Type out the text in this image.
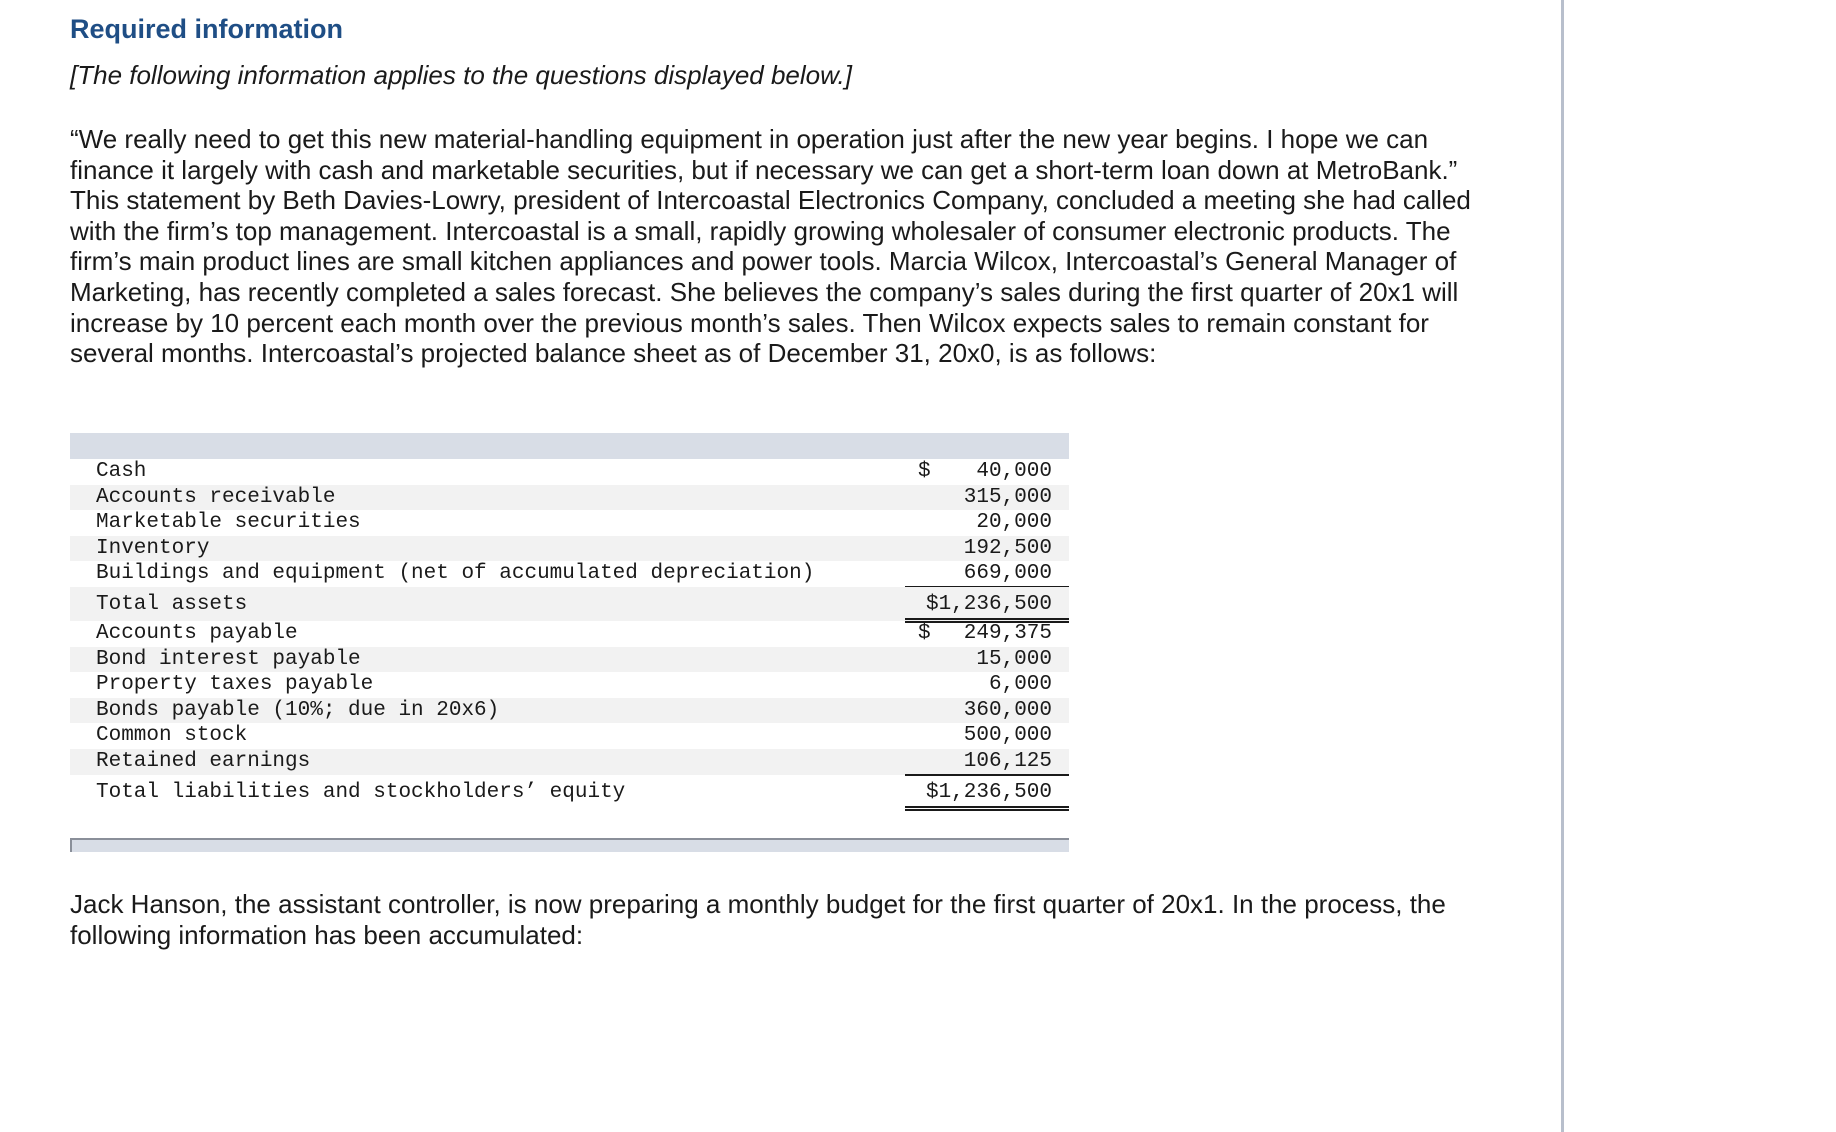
Required information
[The following information applies to the questions displayed below.]
“We really need to get this new material-handling equipment in operation just after the new year begins. I hope we can finance it largely with cash and marketable securities, but if necessary we can get a short-term loan down at MetroBank.” This statement by Beth Davies-Lowry, president of Intercoastal Electronics Company, concluded a meeting she had called with the firm’s top management. Intercoastal is a small, rapidly growing wholesaler of consumer electronic products. The firm’s main product lines are small kitchen appliances and power tools. Marcia Wilcox, Intercoastal’s General Manager of Marketing, has recently completed a sales forecast. She believes the company’s sales during the first quarter of 20x1 will increase by 10 percent each month over the previous month’s sales. Then Wilcox expects sales to remain constant for several months. Intercoastal’s projected balance sheet as of December 31, 20x0, is as follows:
Jack Hanson, the assistant controller, is now preparing a monthly budget for the first quarter of 20x1. In the process, the following information has been accumulated:
Cash	$ 40,000
Accounts receivable	315,000
Marketable securities	20,000
Inventory	192,500
Buildings and equipment (net of accumulated depreciation)	669,000
Total assets	$1,236,500
Accounts payable	$ 249,375
Bond interest payable	15,000
Property taxes payable	6,000
Bonds payable (10%; due in 20x6)	360,000
Common stock	500,000
Retained earnings	106,125
Total liabilities and stockholders’ equity	$1,236,500
